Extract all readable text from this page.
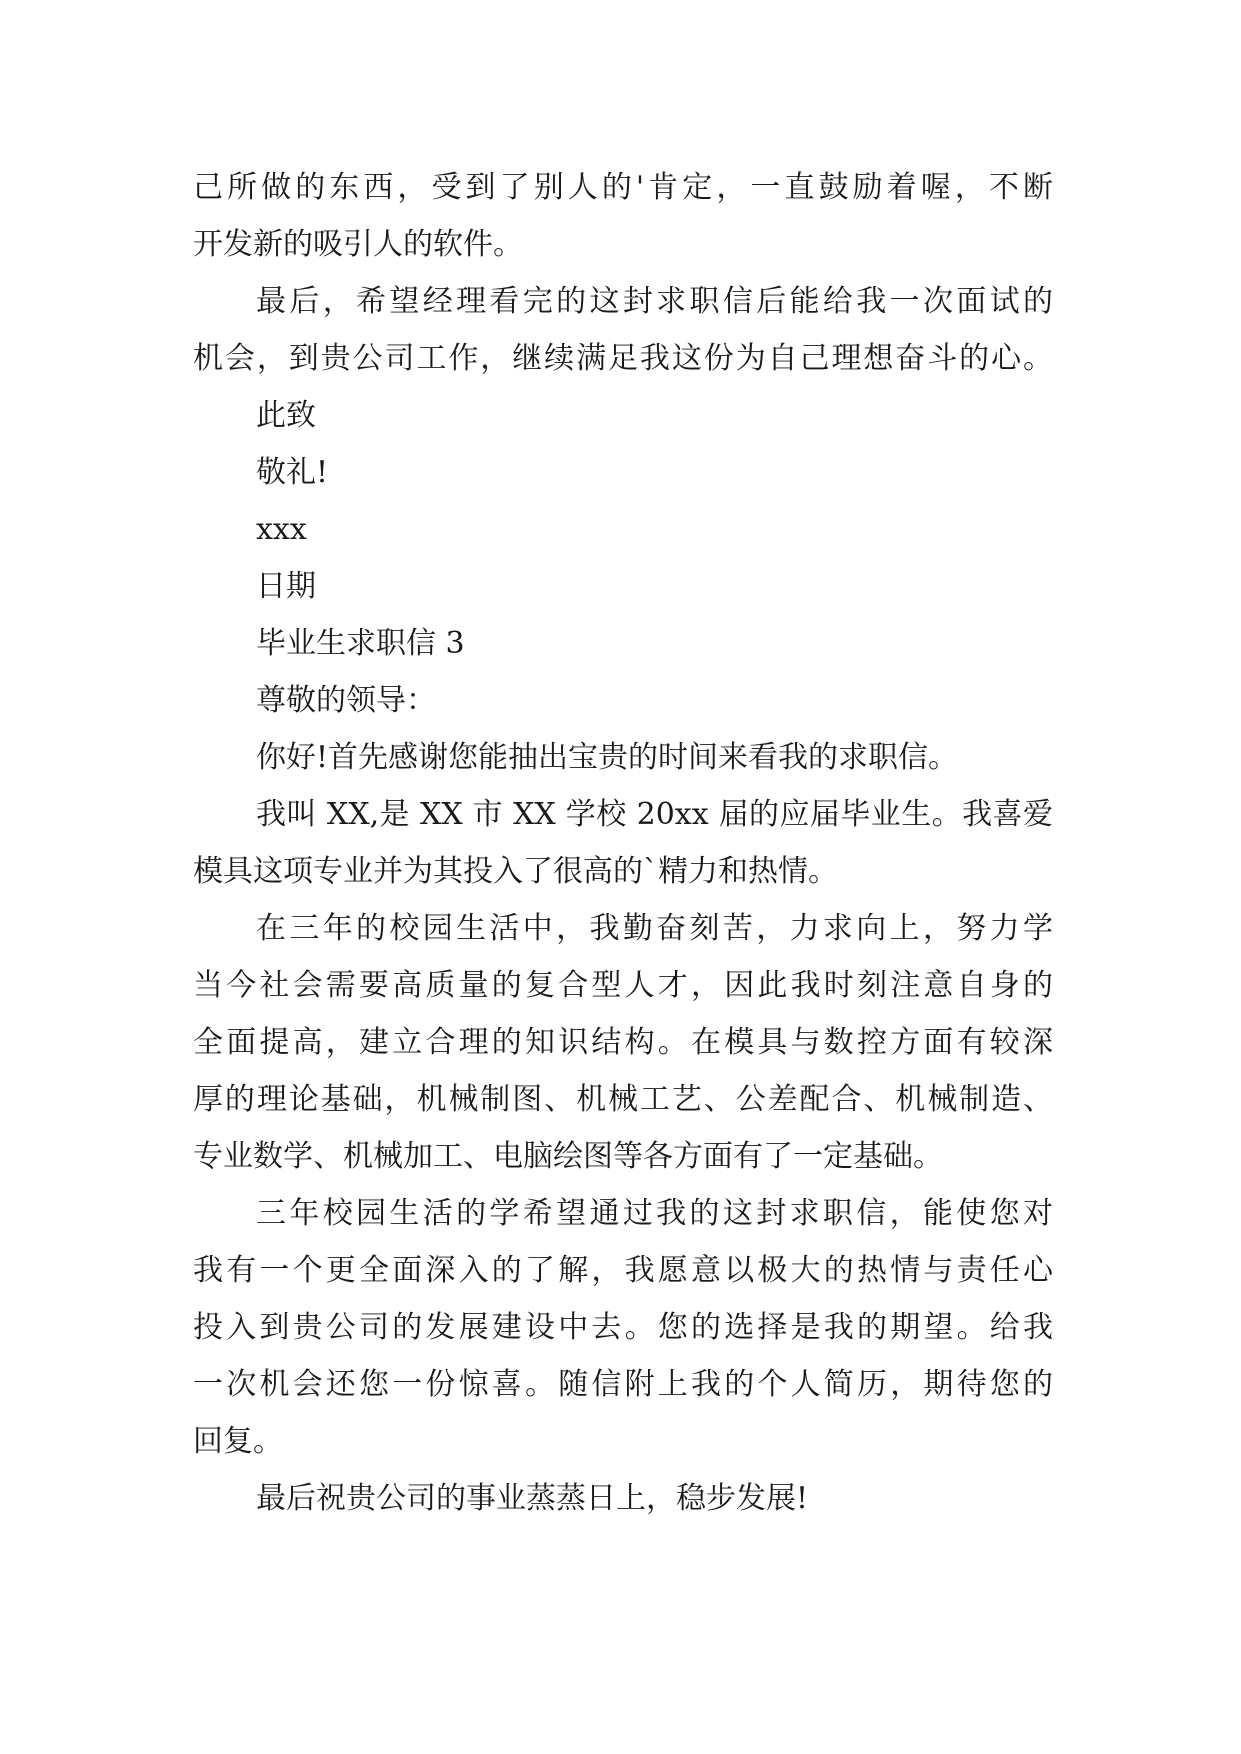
己所做的东西，受到了别人的'肯定，一直鼓励着喔，不断
开发新的吸引人的软件。
最后，希望经理看完的这封求职信后能给我一次面试的
机会，到贵公司工作，继续满足我这份为自己理想奋斗的心。
此致
敬礼!
xxx
日期
毕业生求职信 3
尊敬的领导：
你好!首先感谢您能抽出宝贵的时间来看我的求职信。
我叫 XX,是 XX 市 XX 学校 20xx 届的应届毕业生。我喜爱
模具这项专业并为其投入了很高的`精力和热情。
在三年的校园生活中，我勤奋刻苦，力求向上，努力学
当今社会需要高质量的复合型人才，因此我时刻注意自身的
全面提高，建立合理的知识结构。在模具与数控方面有较深
厚的理论基础，机械制图、机械工艺、公差配合、机械制造、
专业数学、机械加工、电脑绘图等各方面有了一定基础。
三年校园生活的学希望通过我的这封求职信，能使您对
我有一个更全面深入的了解，我愿意以极大的热情与责任心
投入到贵公司的发展建设中去。您的选择是我的期望。给我
一次机会还您一份惊喜。随信附上我的个人简历，期待您的
回复。
最后祝贵公司的事业蒸蒸日上，稳步发展!
